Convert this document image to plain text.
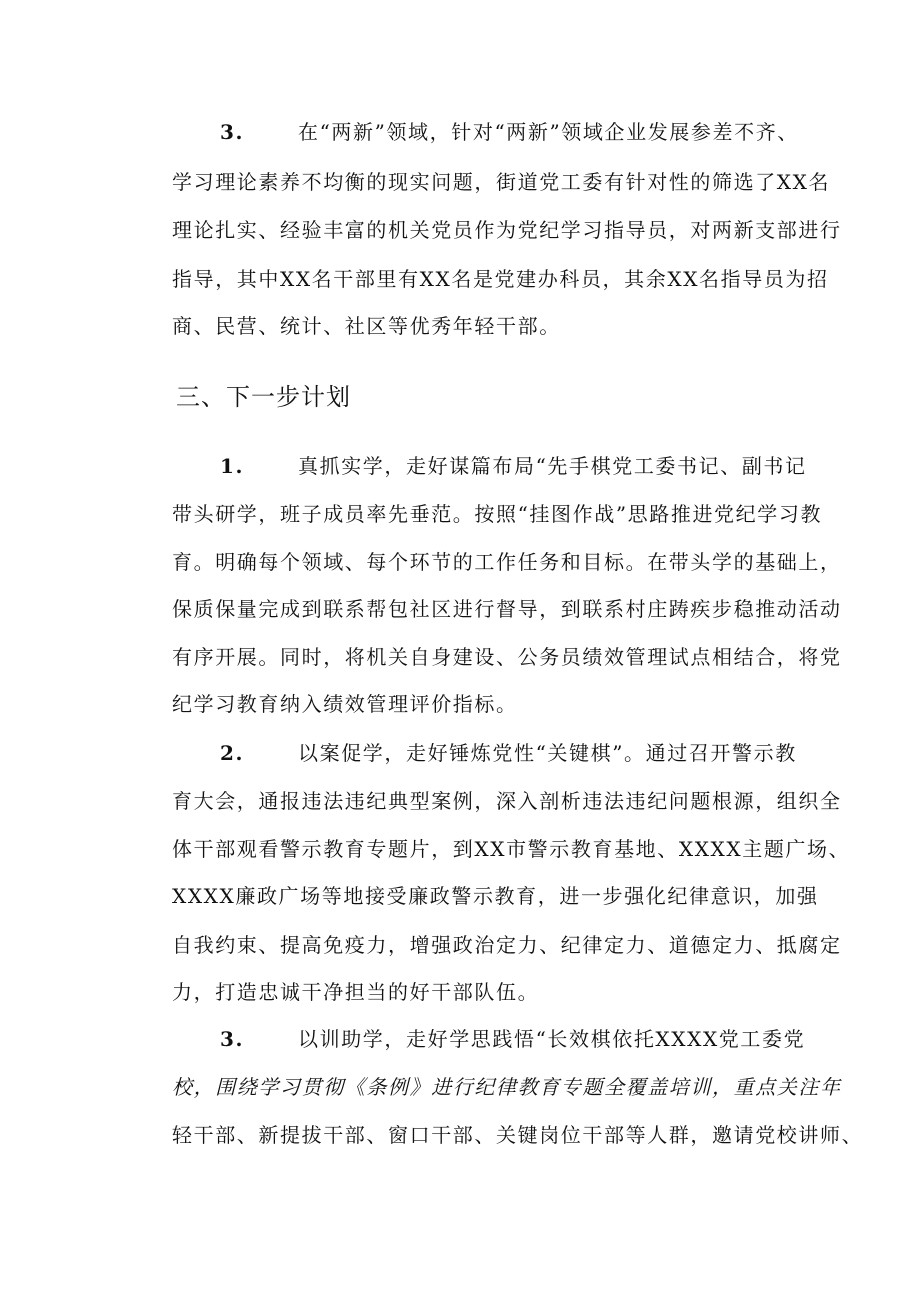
3.	在“两新”领域，针对“两新”领域企业发展参差不齐、
学习理论素养不均衡的现实问题，街道党工委有针对性的筛选了XX名
理论扎实、经验丰富的机关党员作为党纪学习指导员，对两新支部进行
指导，其中XX名干部里有XX名是党建办科员，其余XX名指导员为招
商、民营、统计、社区等优秀年轻干部。
三、下一步计划
1.	真抓实学，走好谋篇布局“先手棋党工委书记、副书记
带头研学，班子成员率先垂范。按照“挂图作战”思路推进党纪学习教
育。明确每个领域、每个环节的工作任务和目标。在带头学的基础上，
保质保量完成到联系帮包社区进行督导，到联系村庄踌疾步稳推动活动
有序开展。同时，将机关自身建设、公务员绩效管理试点相结合，将党
纪学习教育纳入绩效管理评价指标。
2.	以案促学，走好锤炼党性“关键棋”。通过召开警示教
育大会，通报违法违纪典型案例，深入剖析违法违纪问题根源，组织全
体干部观看警示教育专题片，到XX市警示教育基地、XXXX主题广场、
XXXX廉政广场等地接受廉政警示教育，进一步强化纪律意识，加强
自我约束、提高免疫力，增强政治定力、纪律定力、道德定力、抵腐定
力，打造忠诚干净担当的好干部队伍。
3.	以训助学，走好学思践悟“长效棋依托XXXX党工委党
校，围绕学习贯彻《条例》进行纪律教育专题全覆盖培训，重点关注年
轻干部、新提拔干部、窗口干部、关键岗位干部等人群，邀请党校讲师、
